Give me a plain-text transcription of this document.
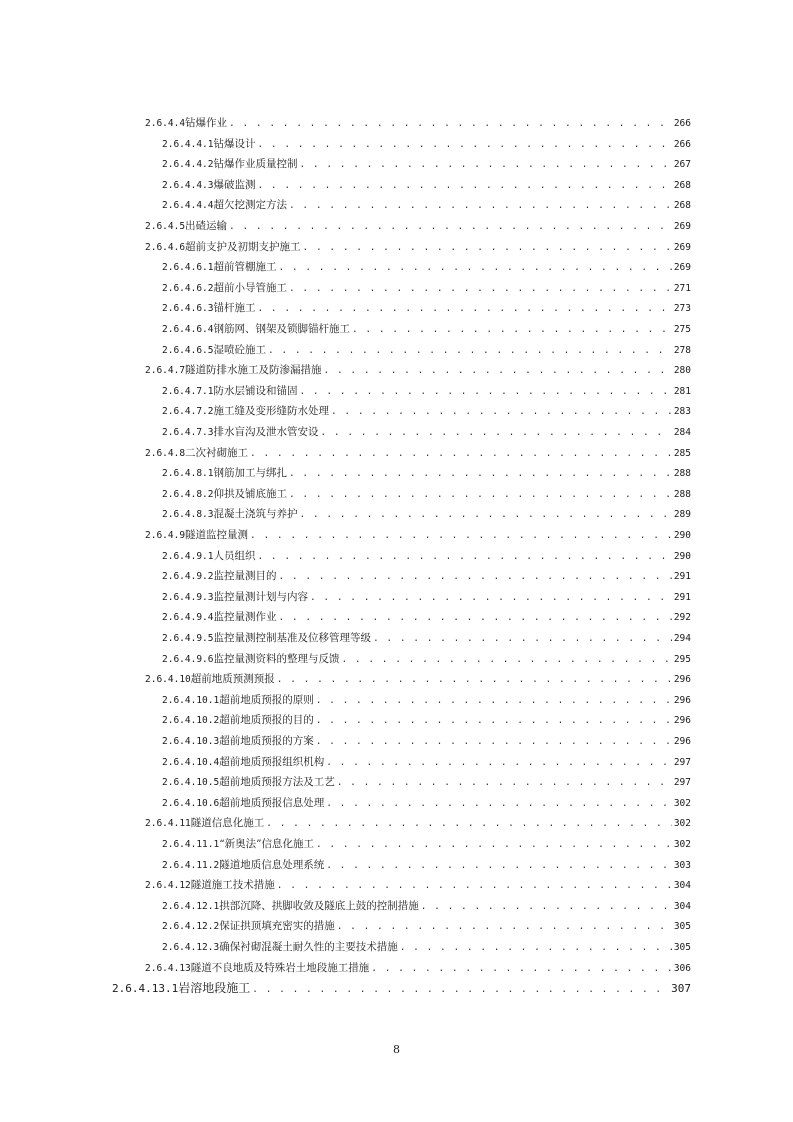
2.6.4.4 钻爆作业 . . .	266
2.6.4.4.1 钻爆设计 . . .	266
2.6.4.4.2 钻爆作业质量控制 . . .	267
2.6.4.4.3 爆破监测 . . .	268
2.6.4.4.4 超欠挖测定方法 . . .	268
2.6.4.5 出碴运输 . . .	269
2.6.4.6 超前支护及初期支护施工 . . .	269
2.6.4.6.1 超前管棚施工 . . .	269
2.6.4.6.2 超前小导管施工 . . .	271
2.6.4.6.3 锚杆施工 . . .	273
2.6.4.6.4 钢筋网、钢架及锁脚锚杆施工 . . .	275
2.6.4.6.5 湿喷砼施工 . . .	278
2.6.4.7 隧道防排水施工及防渗漏措施 . . .	280
2.6.4.7.1 防水层铺设和锚固 . . .	281
2.6.4.7.2 施工缝及变形缝防水处理 . . .	283
2.6.4.7.3 排水盲沟及泄水管安设 . . .	284
2.6.4.8 二次衬砌施工 . . .	285
2.6.4.8.1 钢筋加工与绑扎 . . .	288
2.6.4.8.2 仰拱及铺底施工 . . .	288
2.6.4.8.3 混凝土浇筑与养护 . . .	289
2.6.4.9 隧道监控量测 . . .	290
2.6.4.9.1 人员组织 . . .	290
2.6.4.9.2 监控量测目的 . . .	291
2.6.4.9.3 监控量测计划与内容 . . .	291
2.6.4.9.4 监控量测作业 . . .	292
2.6.4.9.5 监控量测控制基准及位移管理等级 . . .	294
2.6.4.9.6 监控量测资料的整理与反馈 . . .	295
2.6.4.10 超前地质预测预报 . . .	296
2.6.4.10.1 超前地质预报的原则 . . .	296
2.6.4.10.2 超前地质预报的目的 . . .	296
2.6.4.10.3 超前地质预报的方案 . . .	296
2.6.4.10.4 超前地质预报组织机构 . . .	297
2.6.4.10.5 超前地质预报方法及工艺 . . .	297
2.6.4.10.6 超前地质预报信息处理 . . .	302
2.6.4.11 隧道信息化施工 . . .	302
2.6.4.11.1 “新奥法”信息化施工 . . .	302
2.6.4.11.2 隧道地质信息处理系统 . . .	303
2.6.4.12 隧道施工技术措施 . . .	304
2.6.4.12.1 拱部沉降、拱脚收敛及隧底上鼓的控制措施 . . .	304
2.6.4.12.2 保证拱顶填充密实的措施 . . .	305
2.6.4.12.3 确保衬砌混凝土耐久性的主要技术措施 . . .	305
2.6.4.13 隧道不良地质及特殊岩土地段施工措施 . . .	306
2.6.4.13.1 岩溶地段施工 . . .	307
8
